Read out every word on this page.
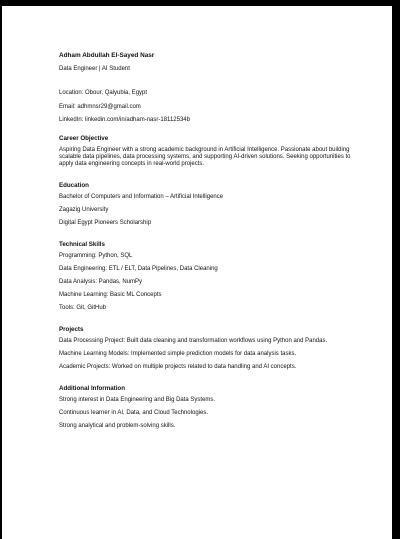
Adham Abdullah El-Sayed Nasr
Data Engineer | AI Student
Location: Obour, Qalyubia, Egypt
Email: adhmnsr29@gmail.com
LinkedIn: linkedin.com/in/adham-nasr-18112534b
Career Objective
Aspiring Data Engineer with a strong academic background in Artificial Intelligence. Passionate about building scalable data pipelines, data processing systems, and supporting AI-driven solutions. Seeking opportunities to apply data engineering concepts in real-world projects.
Education
Bachelor of Computers and Information – Artificial Intelligence
Zagazig University
Digital Egypt Pioneers Scholarship
Technical Skills
Programming: Python, SQL
Data Engineering: ETL / ELT, Data Pipelines, Data Cleaning
Data Analysis: Pandas, NumPy
Machine Learning: Basic ML Concepts
Tools: Git, GitHub
Projects
Data Processing Project: Built data cleaning and transformation workflows using Python and Pandas.
Machine Learning Models: Implemented simple prediction models for data analysis tasks.
Academic Projects: Worked on multiple projects related to data handling and AI concepts.
Additional Information
Strong interest in Data Engineering and Big Data Systems.
Continuous learner in AI, Data, and Cloud Technologies.
Strong analytical and problem-solving skills.
